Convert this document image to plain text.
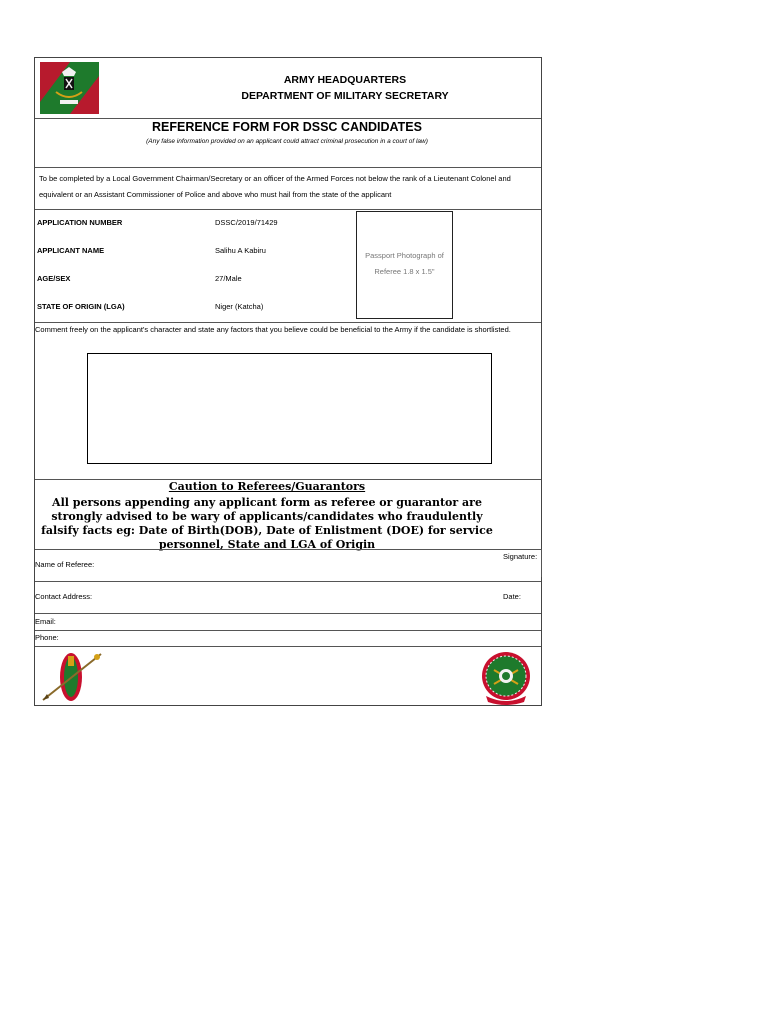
ARMY HEADQUARTERS
DEPARTMENT OF MILITARY SECRETARY
REFERENCE FORM FOR DSSC CANDIDATES
(Any false information provided on an applicant could attract criminal prosecution in a court of law)
To be completed by a Local Government Chairman/Secretary or an officer of the Armed Forces not below the rank of a Lieutenant Colonel and equivalent or an Assistant Commissioner of Police and above who must hail from the state of the applicant
APPLICATION NUMBER	DSSC/2019/71429
APPLICANT NAME	Salihu A Kabiru
AGE/SEX	27/Male
STATE OF ORIGIN (LGA)	Niger (Katcha)
Passport Photograph of Referee 1.8 x 1.5"
Comment freely on the applicant's character and state any factors that you believe could be beneficial to the Army if the candidate is shortlisted.
Caution to Referees/Guarantors
All persons appending any applicant form as referee or guarantor are strongly advised to be wary of applicants/candidates who fraudulently falsify facts eg: Date of Birth(DOB), Date of Enlistment (DOE) for service personnel, State and LGA of Origin
Signature:
Name of Referee:
Contact Address:	Date:
Email:
Phone:
